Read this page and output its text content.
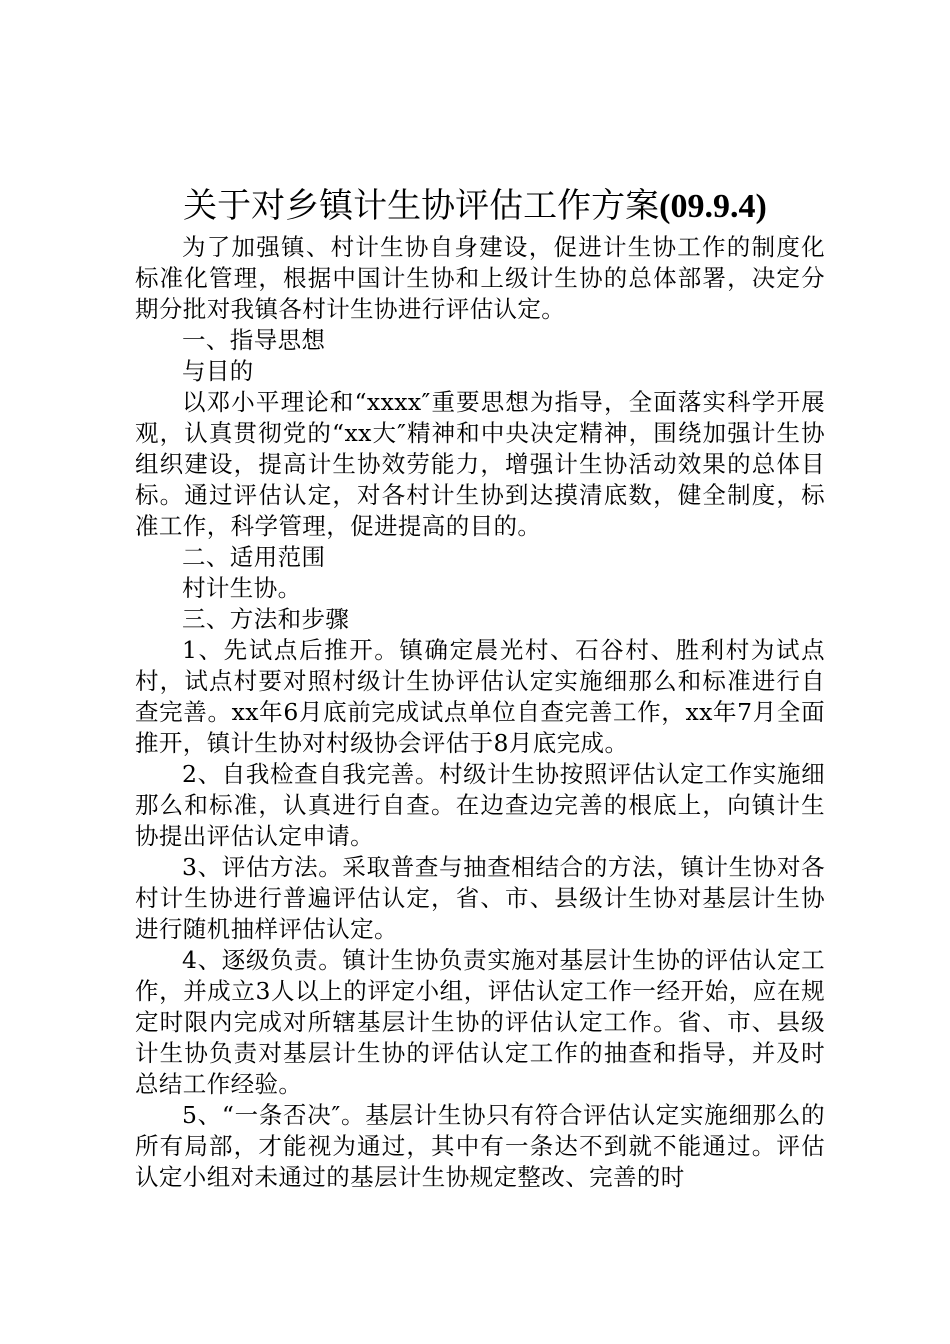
关于对乡镇计生协评估工作方案(09.9.4)

为了加强镇、村计生协自身建设，促进计生协工作的制度化标准化管理，根据中国计生协和上级计生协的总体部署，决定分期分批对我镇各村计生协进行评估认定。

一、指导思想

与目的

以邓小平理论和“xxxx″重要思想为指导，全面落实科学开展观，认真贯彻党的“xx大″精神和中央决定精神，围绕加强计生协组织建设，提高计生协效劳能力，增强计生协活动效果的总体目标。通过评估认定，对各村计生协到达摸清底数，健全制度，标准工作，科学管理，促进提高的目的。

二、适用范围

村计生协。

三、方法和步骤

1、先试点后推开。镇确定晨光村、石谷村、胜利村为试点村，试点村要对照村级计生协评估认定实施细那么和标准进行自查完善。xx年6月底前完成试点单位自查完善工作，xx年7月全面推开，镇计生协对村级协会评估于8月底完成。

2、自我检查自我完善。村级计生协按照评估认定工作实施细那么和标准，认真进行自查。在边查边完善的根底上，向镇计生协提出评估认定申请。

3、评估方法。采取普查与抽查相结合的方法，镇计生协对各村计生协进行普遍评估认定，省、市、县级计生协对基层计生协进行随机抽样评估认定。

4、逐级负责。镇计生协负责实施对基层计生协的评估认定工作，并成立3人以上的评定小组，评估认定工作一经开始，应在规定时限内完成对所辖基层计生协的评估认定工作。省、市、县级计生协负责对基层计生协的评估认定工作的抽查和指导，并及时总结工作经验。

5、“一条否决″。基层计生协只有符合评估认定实施细那么的所有局部，才能视为通过，其中有一条达不到就不能通过。评估认定小组对未通过的基层计生协规定整改、完善的时
